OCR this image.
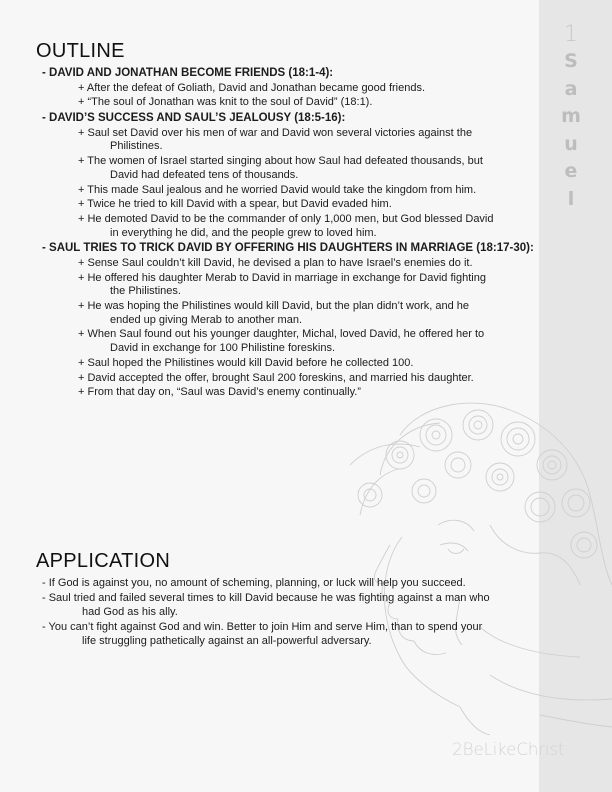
1
S
a
m
u
e
l
OUTLINE

- DAVID AND JONATHAN BECOME FRIENDS (18:1-4):

+ After the defeat of Goliath, David and Jonathan became good friends.
+ “The soul of Jonathan was knit to the soul of David” (18:1).

- DAVID’S SUCCESS AND SAUL’S JEALOUSY (18:5-16):

+ Saul set David over his men of war and David won several victories against the
Philistines.
+ The women of Israel started singing about how Saul had defeated thousands, but
David had defeated tens of thousands.
+ This made Saul jealous and he worried David would take the kingdom from him.
+ Twice he tried to kill David with a spear, but David evaded him.
+ He demoted David to be the commander of only 1,000 men, but God blessed David
in everything he did, and the people grew to loved him.

- SAUL TRIES TO TRICK DAVID BY OFFERING HIS DAUGHTERS IN MARRIAGE (18:17-30):

+ Sense Saul couldn’t kill David, he devised a plan to have Israel’s enemies do it.
+ He offered his daughter Merab to David in marriage in exchange for David fighting
the Philistines.
+ He was hoping the Philistines would kill David, but the plan didn’t work, and he
ended up giving Merab to another man.
+ When Saul found out his younger daughter, Michal, loved David, he offered her to
David in exchange for 100 Philistine foreskins.
+ Saul hoped the Philistines would kill David before he collected 100.
+ David accepted the offer, brought Saul 200 foreskins, and married his daughter.
+ From that day on, “Saul was David’s enemy continually.”
APPLICATION

- If God is against you, no amount of scheming, planning, or luck will help you succeed.

- Saul tried and failed several times to kill David because he was fighting against a man who
had God as his ally.

- You can’t fight against God and win. Better to join Him and serve Him, than to spend your
life struggling pathetically against an all-powerful adversary.

2BeLikeChrist
